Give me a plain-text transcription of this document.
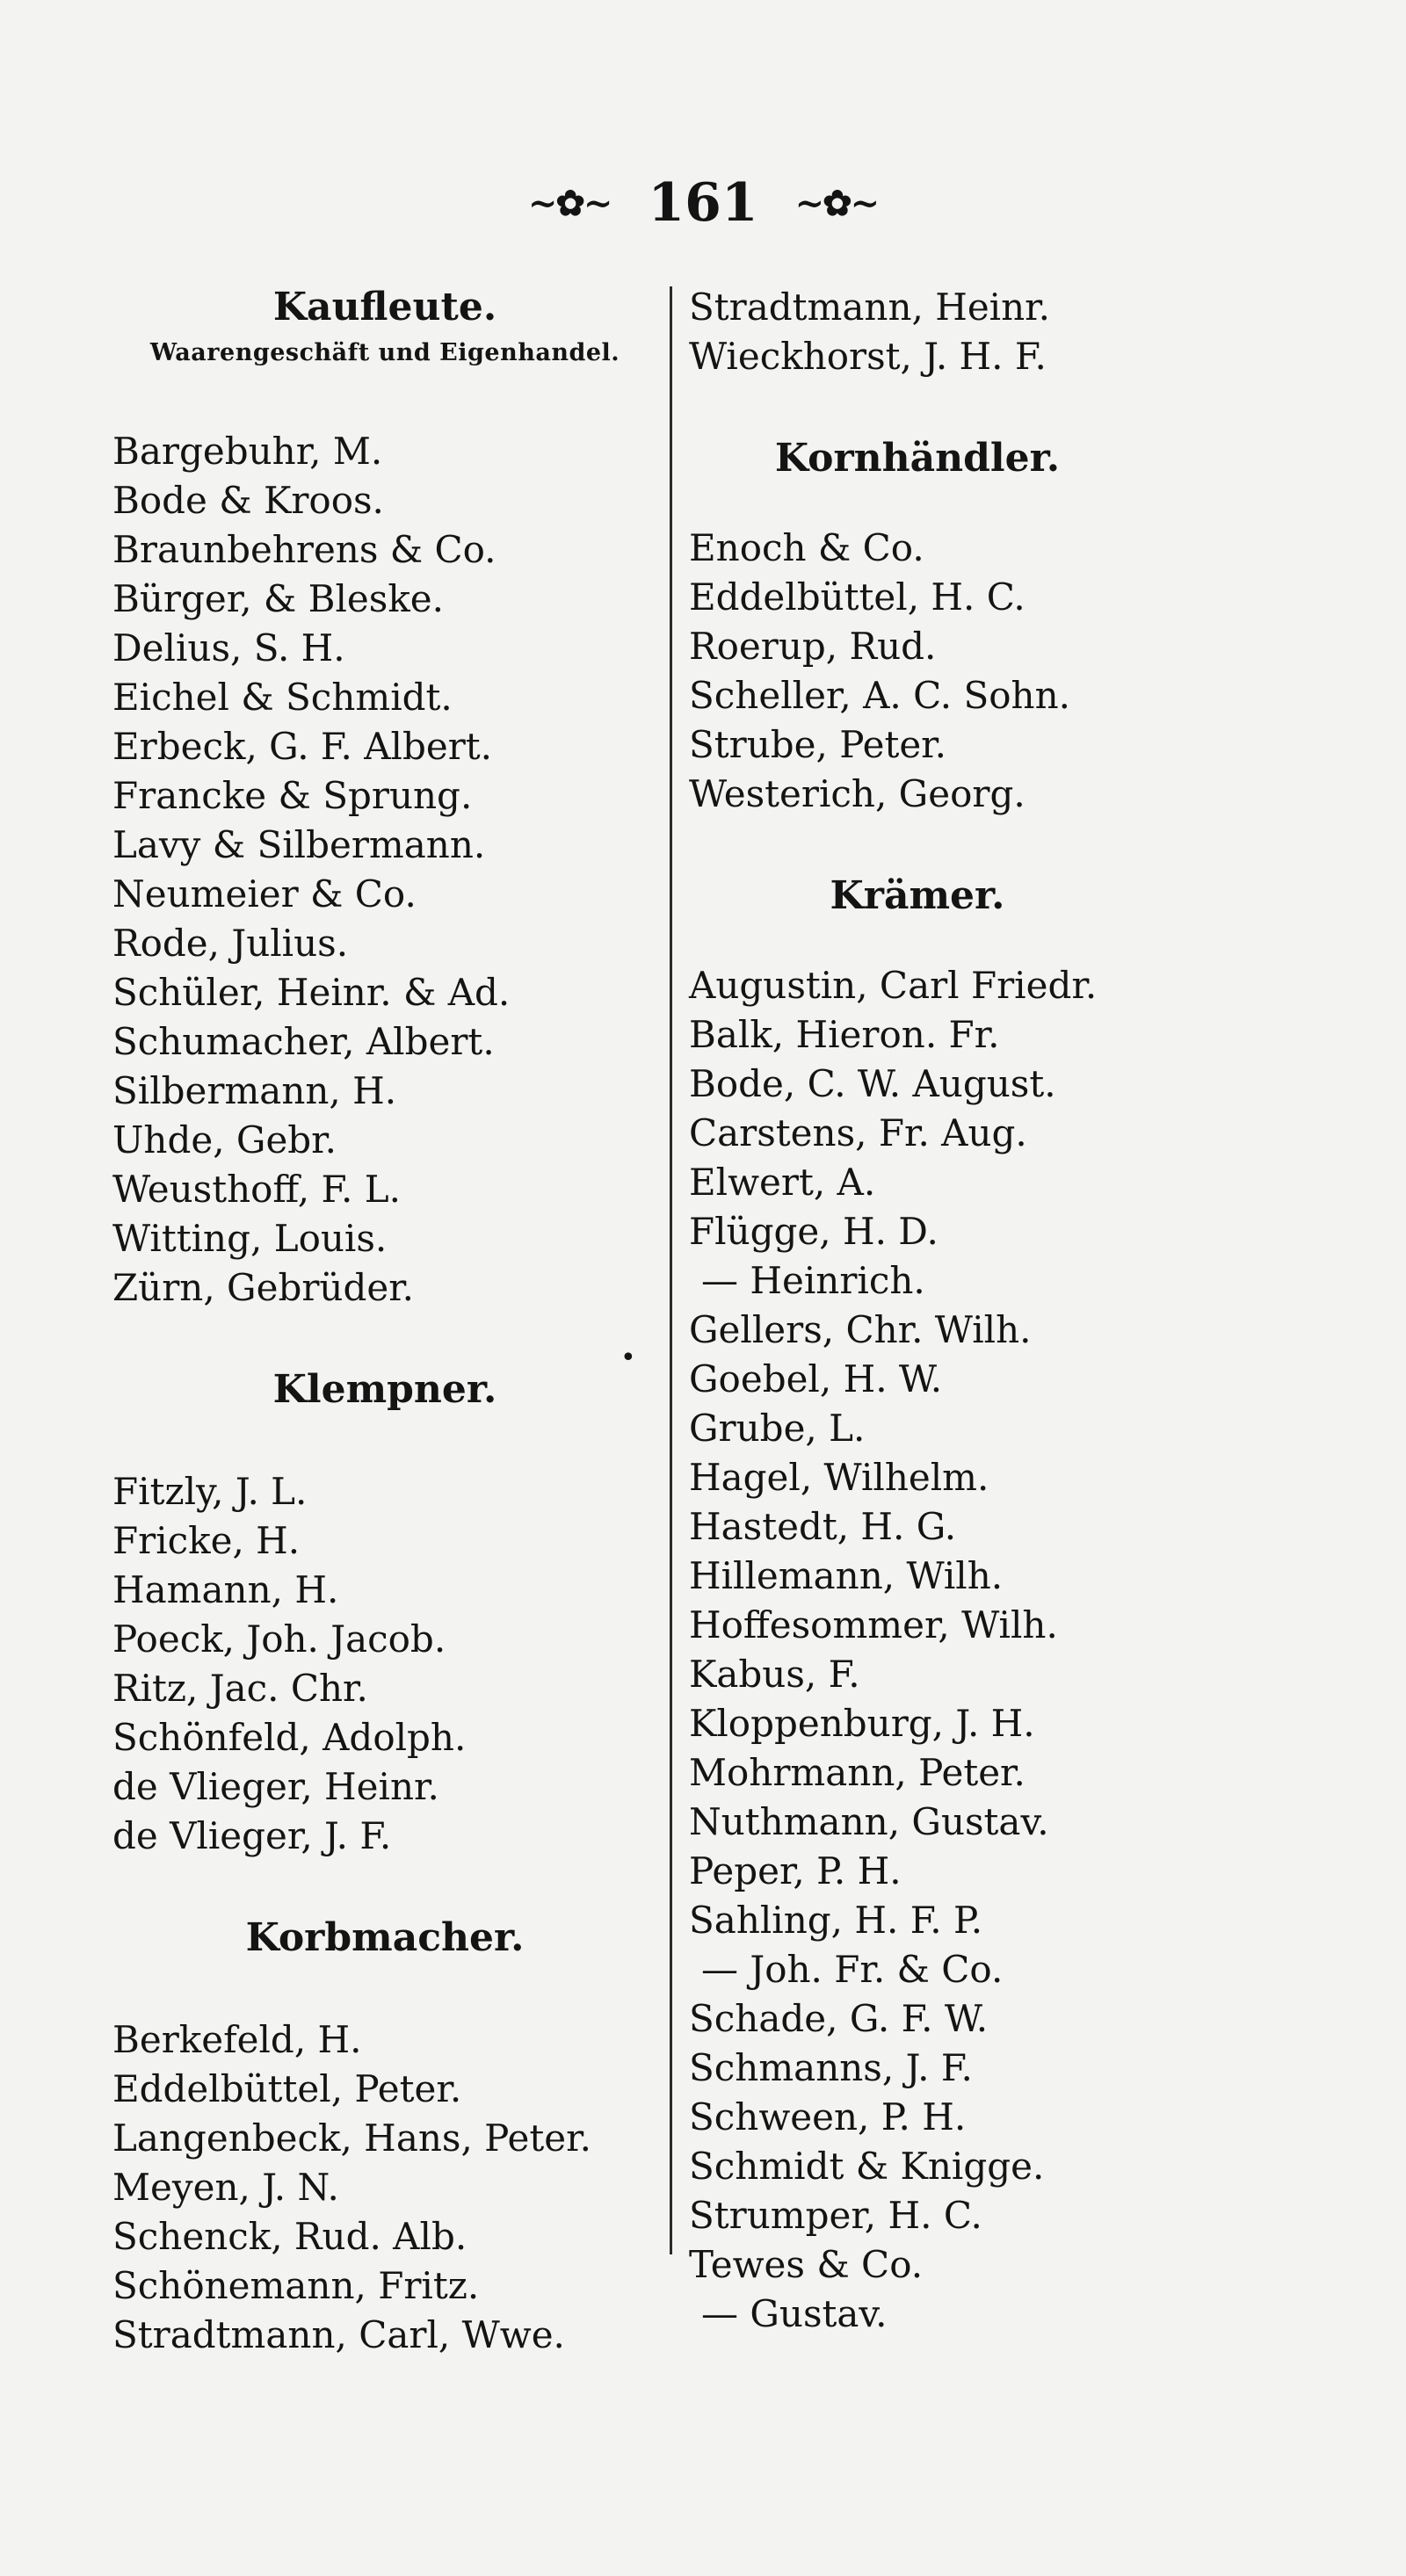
~✿~ 161 ~✿~
•
Kaufleute.
Waarengeschäft und Eigenhandel.
Bargebuhr, M.
Bode & Kroos.
Braunbehrens & Co.
Bürger, & Bleske.
Delius, S. H.
Eichel & Schmidt.
Erbeck, G. F. Albert.
Francke & Sprung.
Lavy & Silbermann.
Neumeier & Co.
Rode, Julius.
Schüler, Heinr. & Ad.
Schumacher, Albert.
Silbermann, H.
Uhde, Gebr.
Weusthoff, F. L.
Witting, Louis.
Zürn, Gebrüder.
Klempner.
Fitzly, J. L.
Fricke, H.
Hamann, H.
Poeck, Joh. Jacob.
Ritz, Jac. Chr.
Schönfeld, Adolph.
de Vlieger, Heinr.
de Vlieger, J. F.
Korbmacher.
Berkefeld, H.
Eddelbüttel, Peter.
Langenbeck, Hans, Peter.
Meyen, J. N.
Schenck, Rud. Alb.
Schönemann, Fritz.
Stradtmann, Carl, Wwe.
Stradtmann, Heinr.
Wieckhorst, J. H. F.
Kornhändler.
Enoch & Co.
Eddelbüttel, H. C.
Roerup, Rud.
Scheller, A. C. Sohn.
Strube, Peter.
Westerich, Georg.
Krämer.
Augustin, Carl Friedr.
Balk, Hieron. Fr.
Bode, C. W. August.
Carstens, Fr. Aug.
Elwert, A.
Flügge, H. D.
— Heinrich.
Gellers, Chr. Wilh.
Goebel, H. W.
Grube, L.
Hagel, Wilhelm.
Hastedt, H. G.
Hillemann, Wilh.
Hoffesommer, Wilh.
Kabus, F.
Kloppenburg, J. H.
Mohrmann, Peter.
Nuthmann, Gustav.
Peper, P. H.
Sahling, H. F. P.
— Joh. Fr. & Co.
Schade, G. F. W.
Schmanns, J. F.
Schween, P. H.
Schmidt & Knigge.
Strumper, H. C.
Tewes & Co.
— Gustav.
